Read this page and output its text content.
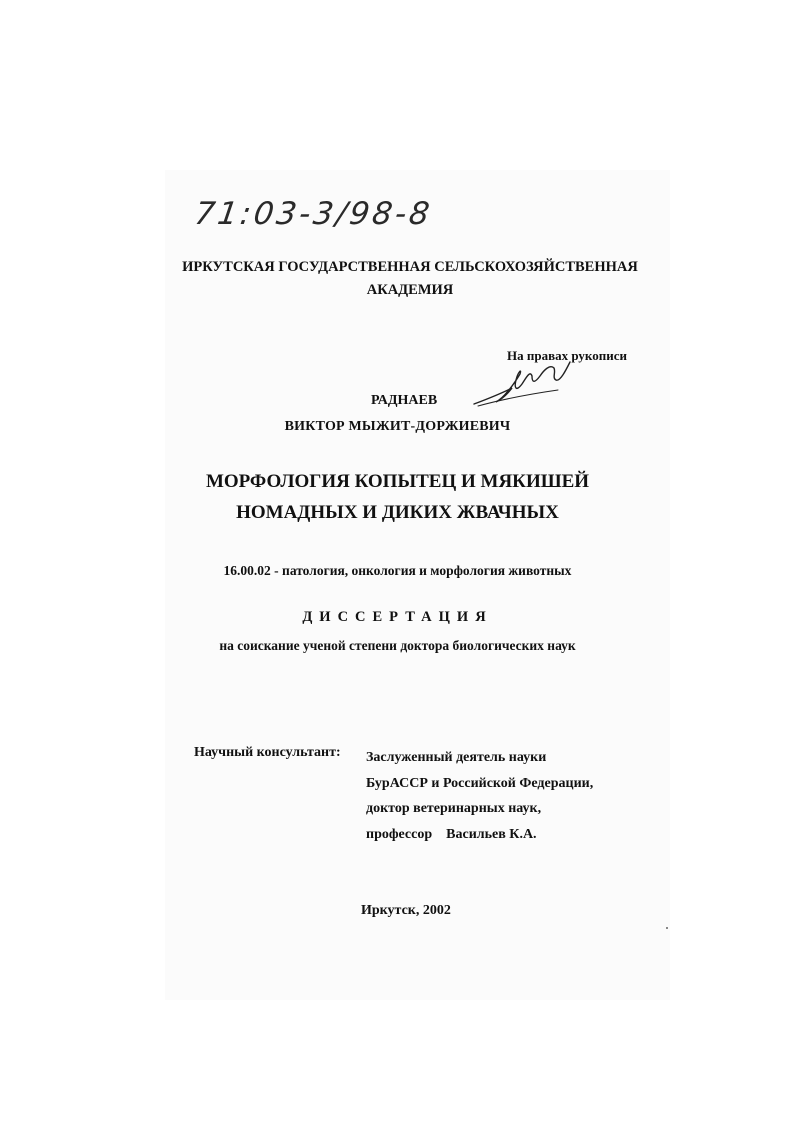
71:03-3/98-8
ИРКУТСКАЯ ГОСУДАРСТВЕННАЯ СЕЛЬСКОХОЗЯЙСТВЕННАЯ
АКАДЕМИЯ
На правах рукописи
РАДНАЕВ
ВИКТОР МЫЖИТ-ДОРЖИЕВИЧ
МОРФОЛОГИЯ КОПЫТЕЦ И МЯКИШЕЙ
НОМАДНЫХ И ДИКИХ ЖВАЧНЫХ
16.00.02 - патология, онкология и морфология животных
ДИССЕРТАЦИЯ
на соискание ученой степени доктора биологических наук
Научный консультант: Заслуженный деятель науки
БурАССР и Российской Федерации,
доктор ветеринарных наук,
профессор    Васильев К.А.
Иркутск, 2002
